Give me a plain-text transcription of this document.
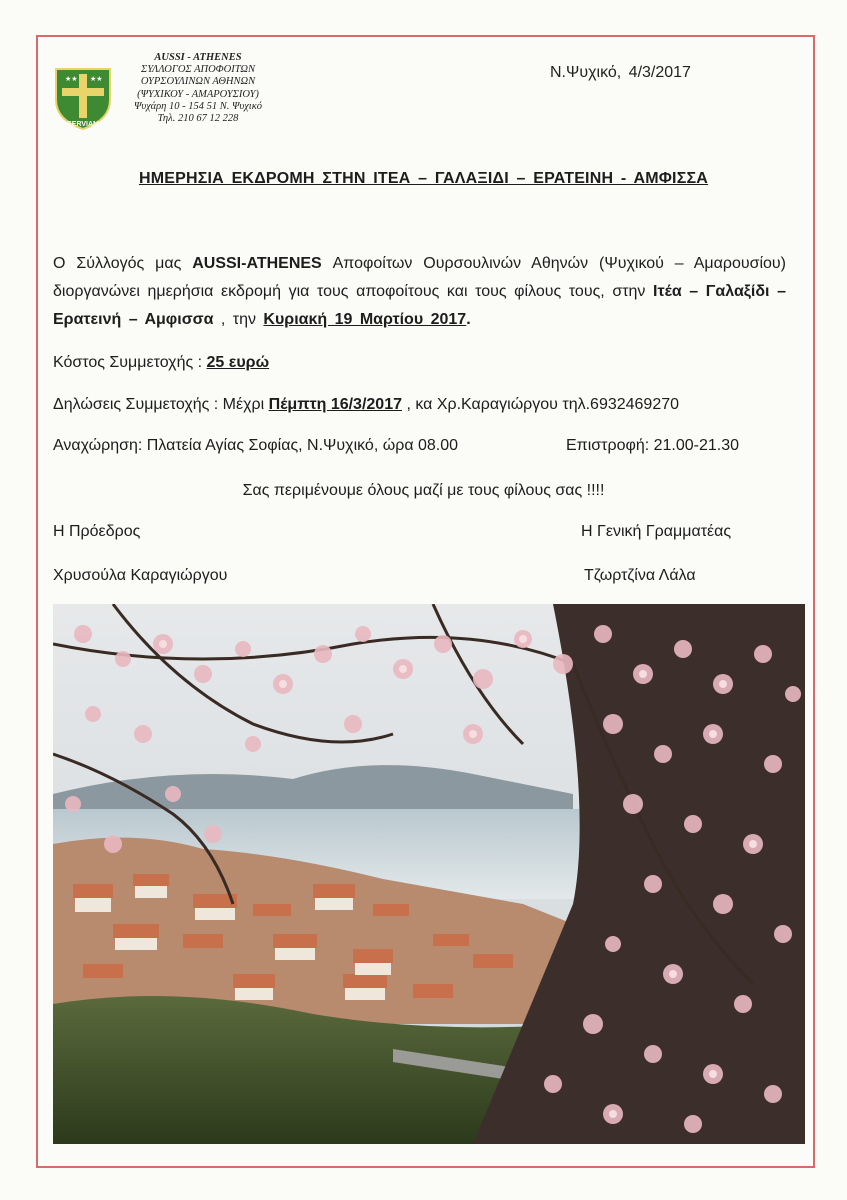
★★ ★★
SERVIAM
AUSSI - ATHENES
ΣΥΛΛΟΓΟΣ ΑΠΟΦΟΙΤΩΝ
ΟΥΡΣΟΥΛΙΝΩΝ ΑΘΗΝΩΝ
(ΨΥΧΙΚΟΥ - ΑΜΑΡΟΥΣΙΟΥ)
Ψυχάρη 10 - 154 51 Ν. Ψυχικό
Τηλ. 210 67 12 228
Ν.Ψυχικό, 4/3/2017
ΗΜΕΡΗΣΙΑ ΕΚΔΡΟΜΗ ΣΤΗΝ ΙΤΕΑ – ΓΑΛΑΞΙΔΙ – ΕΡΑΤΕΙΝΗ - ΑΜΦΙΣΣΑ
Ο Σύλλογός μας AUSSI-ATHENES Αποφοίτων Ουρσουλινών Αθηνών (Ψυχικού – Αμαρουσίου) διοργανώνει ημερήσια εκδρομή για τους αποφοίτους και τους φίλους τους, στην Ιτέα – Γαλαξίδι – Ερατεινή – Αμφισσα , την Κυριακή 19 Μαρτίου 2017.
Κόστος Συμμετοχής : 25 ευρώ
Δηλώσεις Συμμετοχής : Μέχρι Πέμπτη 16/3/2017 , κα Χρ.Καραγιώργου τηλ.6932469270
Αναχώρηση: Πλατεία Αγίας Σοφίας, Ν.Ψυχικό, ώρα 08.00	Επιστροφή: 21.00-21.30
Σας περιμένουμε όλους μαζί με τους φίλους σας !!!!
Η Πρόεδρος	Η Γενική Γραμματέας
Χρυσούλα Καραγιώργου	Τζωρτζίνα Λάλα
